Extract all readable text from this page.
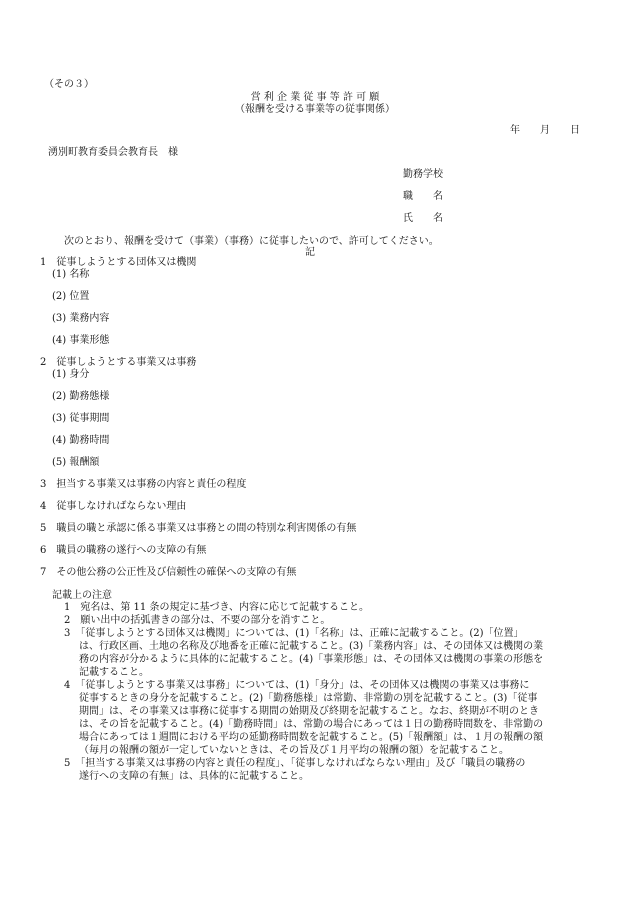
（その３）
営 利 企 業 従 事 等 許 可 願
（報酬を受ける事業等の従事関係）
年　　月　　日
湧別町教育委員会教育長　様
勤務学校
職　　名
氏　　名
次のとおり、報酬を受けて（事業）（事務）に従事したいので、許可してください。
記
1　 従事しようとする団体又は機関
(1) 名称
(2) 位置
(3) 業務内容
(4) 事業形態
2　 従事しようとする事業又は事務
(1) 身分
(2) 勤務態様
(3) 従事期間
(4) 勤務時間
(5) 報酬額
3　 担当する事業又は事務の内容と責任の程度
4　 従事しなければならない理由
5　 職員の職と承認に係る事業又は事務との間の特別な利害関係の有無
6　 職員の職務の遂行への支障の有無
7　 その他公務の公正性及び信頼性の確保への支障の有無
記載上の注意
1　宛名は、第 11 条の規定に基づき、内容に応じて記載すること。
2　願い出中の括弧書きの部分は、不要の部分を消すこと。
3　「従事しようとする団体又は機関」については、(1)「名称」は、正確に記載すること。(2)「位置」
は、行政区画、土地の名称及び地番を正確に記載すること。(3)「業務内容」は、その団体又は機関の業
務の内容が分かるように具体的に記載すること。(4)「事業形態」は、その団体又は機関の事業の形態を
記載すること。
4　「従事しようとする事業又は事務」については、(1)「身分」は、その団体又は機関の事業又は事務に
従事するときの身分を記載すること。(2)「勤務態様」は常勤、非常勤の別を記載すること。(3)「従事
期間」は、その事業又は事務に従事する期間の始期及び終期を記載すること。なお、終期が不明のとき
は、その旨を記載すること。(4)「勤務時間」は、常勤の場合にあっては１日の勤務時間数を、非常勤の
場合にあっては１週間における平均の延勤務時間数を記載すること。(5)「報酬額」は、１月の報酬の額
（毎月の報酬の額が一定していないときは、その旨及び１月平均の報酬の額）を記載すること。
5　「担当する事業又は事務の内容と責任の程度」、「従事しなければならない理由」及び「職員の職務の
遂行への支障の有無」は、具体的に記載すること。
